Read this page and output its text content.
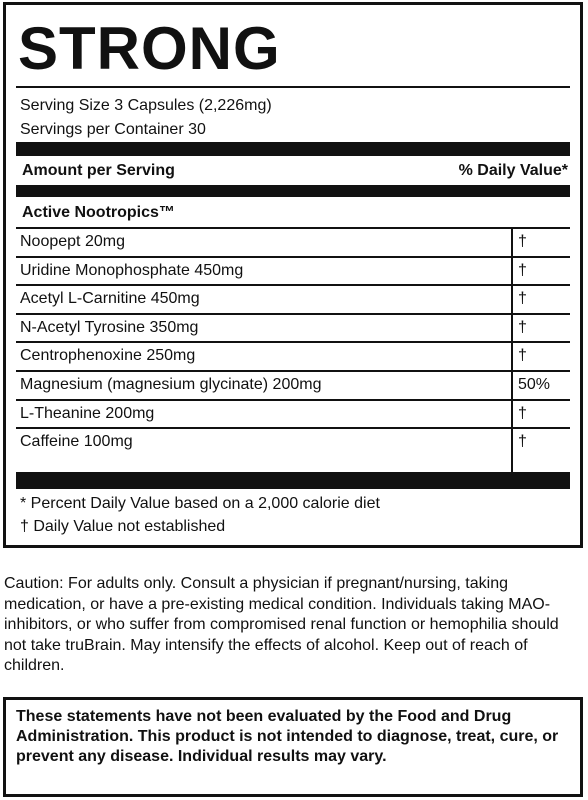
STRONG
Serving Size 3 Capsules (2,226mg)
Servings per Container 30
Amount per Serving	% Daily Value*
Active Nootropics™
Noopept 20mg	†
Uridine Monophosphate 450mg	†
Acetyl L-Carnitine 450mg	†
N-Acetyl Tyrosine 350mg	†
Centrophenoxine 250mg	†
Magnesium (magnesium glycinate) 200mg	50%
L-Theanine 200mg	†
Caffeine 100mg	†
* Percent Daily Value based on a 2,000 calorie diet
† Daily Value not established

Caution: For adults only. Consult a physician if pregnant/nursing, taking medication, or have a pre-existing medical condition. Individuals taking MAO-inhibitors, or who suffer from compromised renal function or hemophilia should not take truBrain. May intensify the effects of alcohol. Keep out of reach of children.

These statements have not been evaluated by the Food and Drug Administration. This product is not intended to diagnose, treat, cure, or prevent any disease. Individual results may vary.
